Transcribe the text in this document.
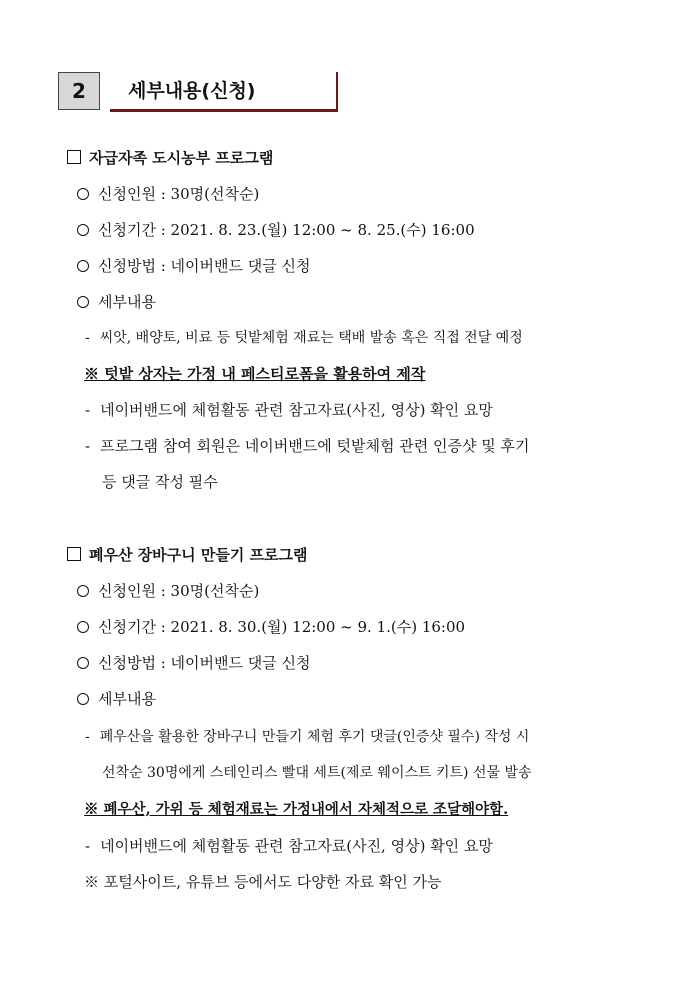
2	세부내용(신청)
자급자족 도시농부 프로그램
신청인원 : 30명(선착순)
신청기간 : 2021. 8. 23.(월) 12:00 ~ 8. 25.(수) 16:00
신청방법 : 네이버밴드 댓글 신청
세부내용
- 씨앗, 배양토, 비료 등 텃밭체험 재료는 택배 발송 혹은 직접 전달 예정
※ 텃밭 상자는 가정 내 페스티로폼을 활용하여 제작
- 네이버밴드에 체험활동 관련 참고자료(사진, 영상) 확인 요망
- 프로그램 참여 회원은 네이버밴드에 텃밭체험 관련 인증샷 및 후기
등 댓글 작성 필수
폐우산 장바구니 만들기 프로그램
신청인원 : 30명(선착순)
신청기간 : 2021. 8. 30.(월) 12:00 ~ 9. 1.(수) 16:00
신청방법 : 네이버밴드 댓글 신청
세부내용
- 폐우산을 활용한 장바구니 만들기 체험 후기 댓글(인증샷 필수) 작성 시
선착순 30명에게 스테인리스 빨대 세트(제로 웨이스트 키트) 선물 발송
※ 폐우산, 가위 등 체험재료는 가정내에서 자체적으로 조달해야함.
- 네이버밴드에 체험활동 관련 참고자료(사진, 영상) 확인 요망
※ 포털사이트, 유튜브 등에서도 다양한 자료 확인 가능
